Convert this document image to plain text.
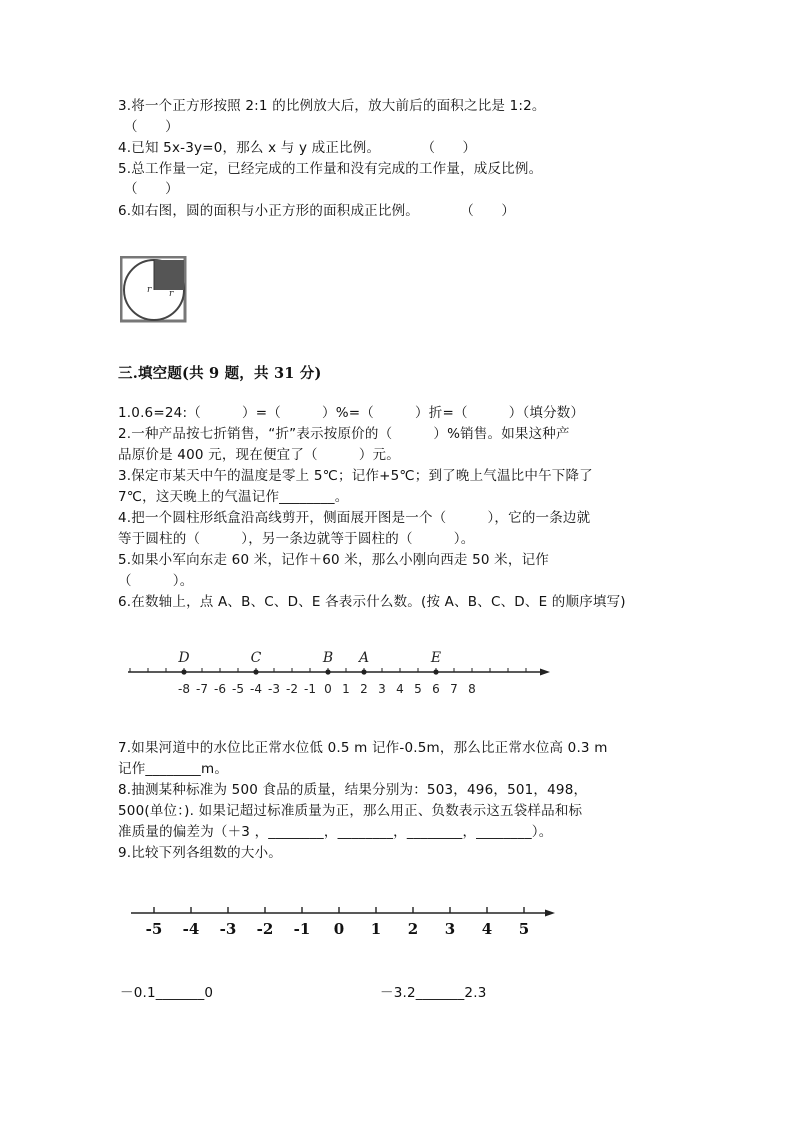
3.将一个正方形按照 2:1 的比例放大后，放大前后的面积之比是 1:2。
（　　）
4.已知 5x-3y=0，那么 x 与 y 成正比例。　　　　（　　）
5.总工作量一定，已经完成的工作量和没有完成的工作量，成反比例。
（　　）
6.如右图，圆的面积与小正方形的面积成正比例。　　　　（　　）
r r
三.填空题(共 9 题，共 31 分)
1.0.6=24:（　　　）=（　　　）%=（　　　）折=（　　　）（填分数）
2.一种产品按七折销售，“折”表示按原价的（　　　）%销售。如果这种产
品原价是 400 元，现在便宜了（　　　）元。
3.保定市某天中午的温度是零上 5℃；记作+5℃；到了晚上气温比中午下降了
7℃，这天晚上的气温记作________。
4.把一个圆柱形纸盒沿高线剪开，侧面展开图是一个（　　　），它的一条边就
等于圆柱的（　　　），另一条边就等于圆柱的（　　　）。
5.如果小军向东走 60 米，记作＋60 米，那么小刚向西走 50 米，记作
（　　　）。
6.在数轴上，点 A、B、C、D、E 各表示什么数。(按 A、B、C、D、E 的顺序填写)
-8 -7 -6 -5 -4 -3 -2 -1 0 1 2 3 4 5 6 7 8
D	C	B A	E
7.如果河道中的水位比正常水位低 0.5 m 记作-0.5m，那么比正常水位高 0.3 m
记作________m。
8.抽测某种标准为 500 食品的质量，结果分别为：503，496，501，498，
500(单位：). 如果记超过标准质量为正，那么用正、负数表示这五袋样品和标
准质量的偏差为（＋3 ，________，________，________，________）。
9.比较下列各组数的大小。
-5 -4 -3 -2 -1 0 1 2 3 4 5
－0.1_______0	－3.2_______2.3
